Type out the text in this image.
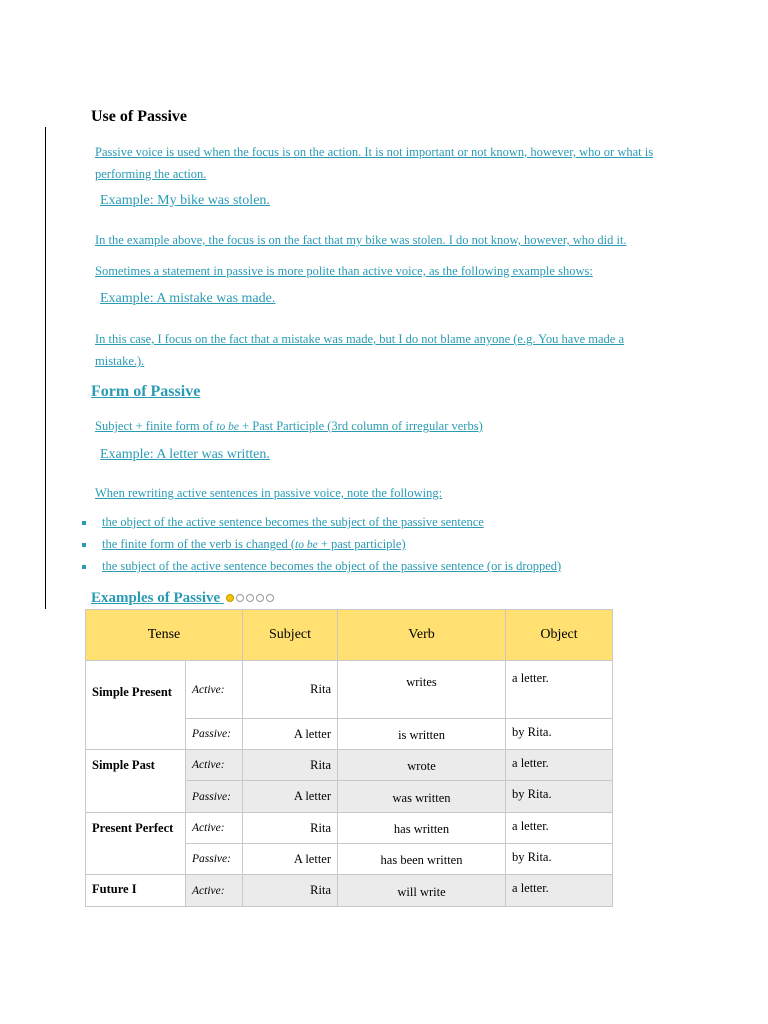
Use of Passive
Passive voice is used when the focus is on the action. It is not important or not known, however, who or what is performing the action.
Example: My bike was stolen.
In the example above, the focus is on the fact that my bike was stolen. I do not know, however, who did it.
Sometimes a statement in passive is more polite than active voice, as the following example shows:
Example: A mistake was made.
In this case, I focus on the fact that a mistake was made, but I do not blame anyone (e.g. You have made a mistake.).
Form of Passive
Subject + finite form of to be + Past Participle (3rd column of irregular verbs)
Example: A letter was written.
When rewriting active sentences in passive voice, note the following:
the object of the active sentence becomes the subject of the passive sentence
the finite form of the verb is changed (to be + past participle)
the subject of the active sentence becomes the object of the passive sentence (or is dropped)
Examples of Passive
Tense		Subject	Verb	Object
Simple Present	Active:	Rita	writes	a letter.
	Passive:	A letter	is written	by Rita.
Simple Past	Active:	Rita	wrote	a letter.
	Passive:	A letter	was written	by Rita.
Present Perfect	Active:	Rita	has written	a letter.
	Passive:	A letter	has been written	by Rita.
Future I	Active:	Rita	will write	a letter.
